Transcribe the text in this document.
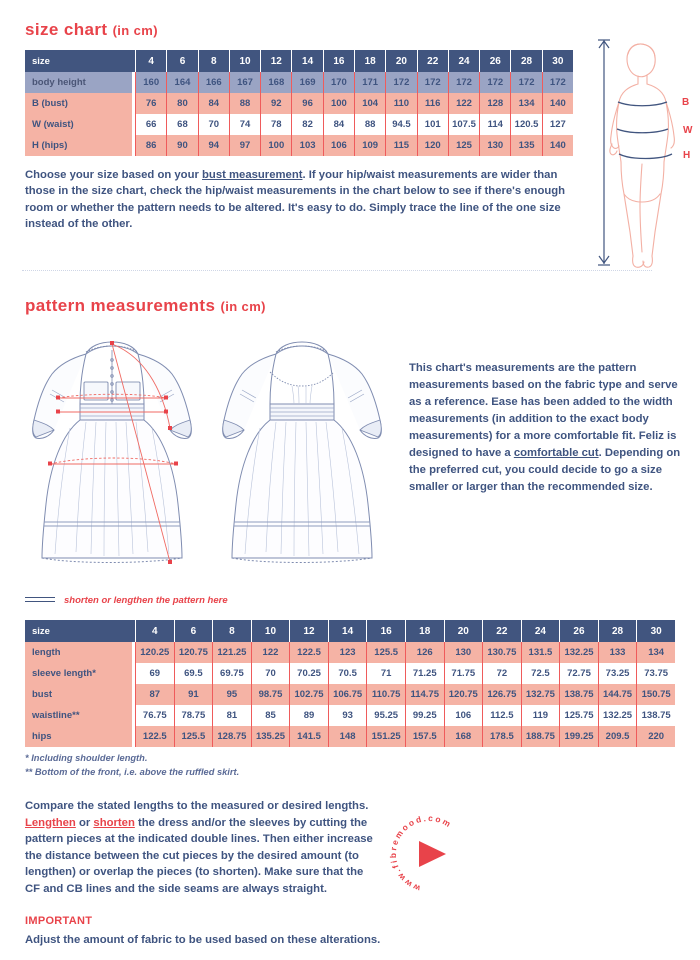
size chart (in cm)
size	4	6	8	10	12	14	16	18	20	22	24	26	28	30
body height	160	164	166	167	168	169	170	171	172	172	172	172	172	172
B (bust)	76	80	84	88	92	96	100	104	110	116	122	128	134	140
W (waist)	66	68	70	74	78	82	84	88	94.5	101	107.5	114	120.5	127
H (hips)	86	90	94	97	100	103	106	109	115	120	125	130	135	140
B
W
H
Choose your size based on your bust measurement. If your hip/waist measurements are wider than those in the size chart, check the hip/waist measurements in the chart below to see if there's enough room or whether the pattern needs to be altered. It's easy to do. Simply trace the line of the one size instead of the other.
pattern measurements (in cm)
This chart's measurements are the pattern measurements based on the fabric type and serve as a reference. Ease has been added to the width measurements (in addition to the exact body measurements) for a more comfortable fit. Feliz is designed to have a comfortable cut. Depending on the preferred cut, you could decide to go a size smaller or larger than the recommended size.
shorten or lengthen the pattern here
size	4	6	8	10	12	14	16	18	20	22	24	26	28	30
length	120.25	120.75	121.25	122	122.5	123	125.5	126	130	130.75	131.5	132.25	133	134
sleeve length*	69	69.5	69.75	70	70.25	70.5	71	71.25	71.75	72	72.5	72.75	73.25	73.75
bust	87	91	95	98.75	102.75	106.75	110.75	114.75	120.75	126.75	132.75	138.75	144.75	150.75
waistline**	76.75	78.75	81	85	89	93	95.25	99.25	106	112.5	119	125.75	132.25	138.75
hips	122.5	125.5	128.75	135.25	141.5	148	151.25	157.5	168	178.5	188.75	199.25	209.5	220
* Including shoulder length.
** Bottom of the front, i.e. above the ruffled skirt.
Compare the stated lengths to the measured or desired lengths. Lengthen or shorten the dress and/or the sleeves by cutting the pattern pieces at the indicated double lines. Then either increase the distance between the cut pieces by the desired amount (to lengthen) or overlap the pieces (to shorten). Make sure that the CF and CB lines and the side seams are always straight.
IMPORTANT
Adjust the amount of fabric to be used based on these alterations.
www.fibremood.com
